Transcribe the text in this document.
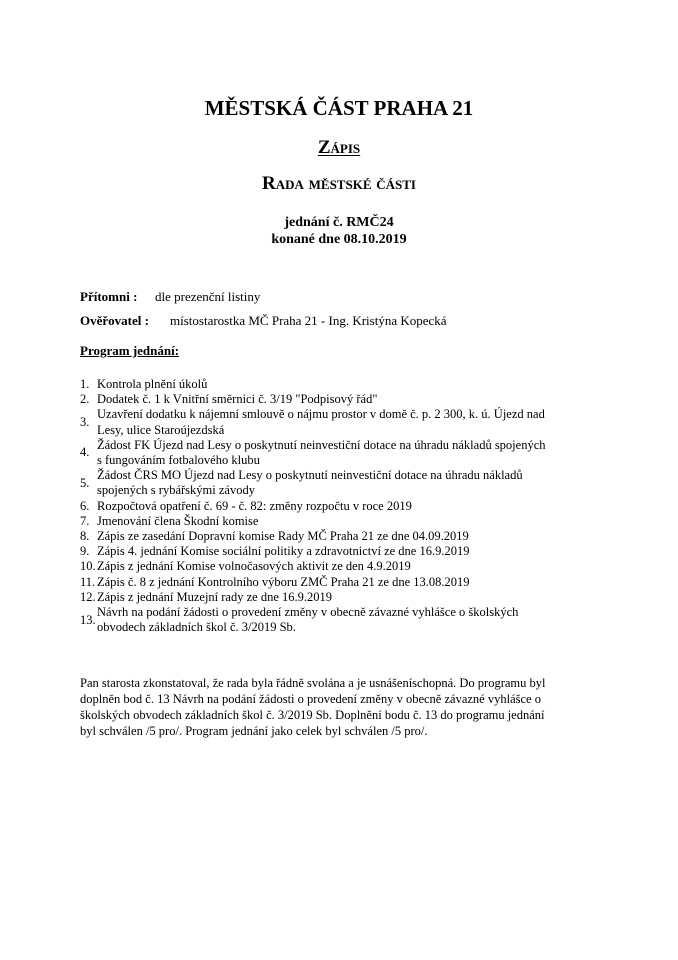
MĚSTSKÁ ČÁST PRAHA 21
Zápis
Rada městské části
jednání č. RMČ24
konané dne 08.10.2019
Přítomni : dle prezenční listiny
Ověřovatel : místostarostka MČ Praha 21 - Ing. Kristýna Kopecká
Program jednání:
1. Kontrola plnění úkolů
2. Dodatek č. 1 k Vnitřní směrnici č. 3/19 "Podpisový řád"
3.
Uzavření dodatku k nájemní smlouvě o nájmu prostor v domě č. p. 2 300, k. ú. Újezd nad
Lesy, ulice Staroújezdská
4.
Žádost FK Újezd nad Lesy o poskytnutí neinvestiční dotace na úhradu nákladů spojených
s fungováním fotbalového klubu
5.
Žádost ČRS MO Újezd nad Lesy o poskytnutí neinvestiční dotace na úhradu nákladů
spojených s rybářskými závody
6. Rozpočtová opatření č. 69 - č. 82: změny rozpočtu v roce 2019
7. Jmenování člena Škodní komise
8. Zápis ze zasedání Dopravní komise Rady MČ Praha 21 ze dne 04.09.2019
9. Zápis 4. jednání Komise sociální politiky a zdravotnictví ze dne 16.9.2019
10. Zápis z jednání Komise volnočasových aktivit ze den 4.9.2019
11. Zápis č. 8 z jednání Kontrolního výboru ZMČ Praha 21 ze dne 13.08.2019
12. Zápis z jednání Muzejní rady ze dne 16.9.2019
13.
Návrh na podání žádosti o provedení změny v obecně závazné vyhlášce o školských
obvodech základních škol č. 3/2019 Sb.
Pan starosta zkonstatoval, že rada byla řádně svolána a je usnášeníschopná. Do programu byl
doplněn bod č. 13 Návrh na podání žádosti o provedení změny v obecně závazné vyhlášce o
školských obvodech základních škol č. 3/2019 Sb. Doplnění bodu č. 13 do programu jednání
byl schválen /5 pro/. Program jednání jako celek byl schválen /5 pro/.
